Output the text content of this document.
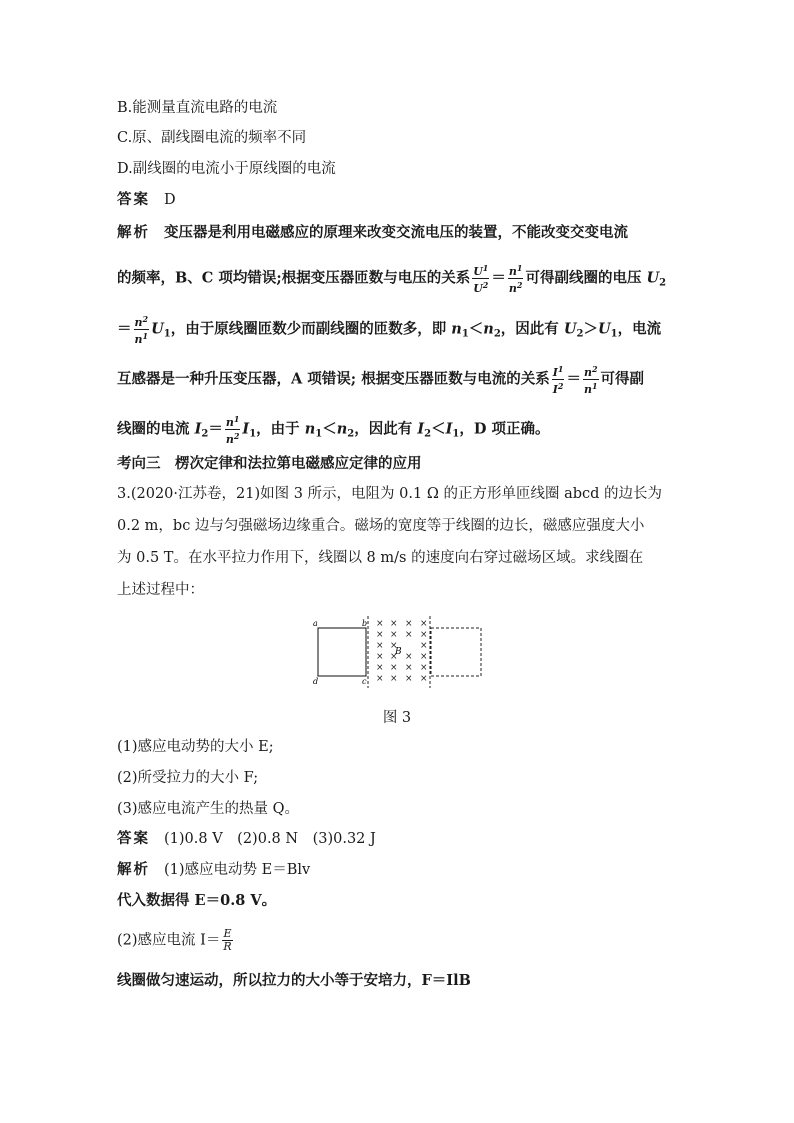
B.能测量直流电路的电流
C.原、副线圈电流的频率不同
D.副线圈的电流小于原线圈的电流
答案 D
解析 变压器是利用电磁感应的原理来改变交流电压的装置，不能改变交变电流
的频率，B、C 项均错误;根据变压器匝数与电压的关系 $\frac{U^1}{U^2} = \frac{n^1}{n^2}$ 可得副线圈的电压 $U_2$
＝ $\frac{n^2}{n^1} U_1$，由于原线圈匝数少而副线圈的匝数多，即 $n_1<n_2$，因此有 $U_2>U_1$，电流
互感器是一种升压变压器，A 项错误; 根据变压器匝数与电流的关系 $\frac{I^1}{I^2} = \frac{n^2}{n^1}$ 可得副
线圈的电流 $I_2= \frac{n^1}{n^2} I_1$，由于 $n_1<n_2$，因此有 $I_2<I_1$，D 项正确。
考向三　楞次定律和法拉第电磁感应定律的应用
3.(2020·江苏卷，21)如图 3 所示，电阻为 0.1 Ω 的正方形单匝线圈 abcd 的边长为
0.2 m，bc 边与匀强磁场边缘重合。磁场的宽度等于线圈的边长，磁感应强度大小
为 0.5 T。在水平拉力作用下，线圈以 8 m/s 的速度向右穿过磁场区域。求线圈在
上述过程中：
× × × ×
× × × ×
× × ×
× × × ×
× × × ×
× × × ×
a	b
c
d
B
图 3
(1)感应电动势的大小 E;
(2)所受拉力的大小 F;
(3)感应电流产生的热量 Q。
答案 (1)0.8 V　(2)0.8 N　(3)0.32 J
解析 (1)感应电动势 E＝Blv
代入数据得 E＝0.8 V。
(2)感应电流 $I= \frac{E}{R}$
线圈做匀速运动，所以拉力的大小等于安培力，F＝IlB
